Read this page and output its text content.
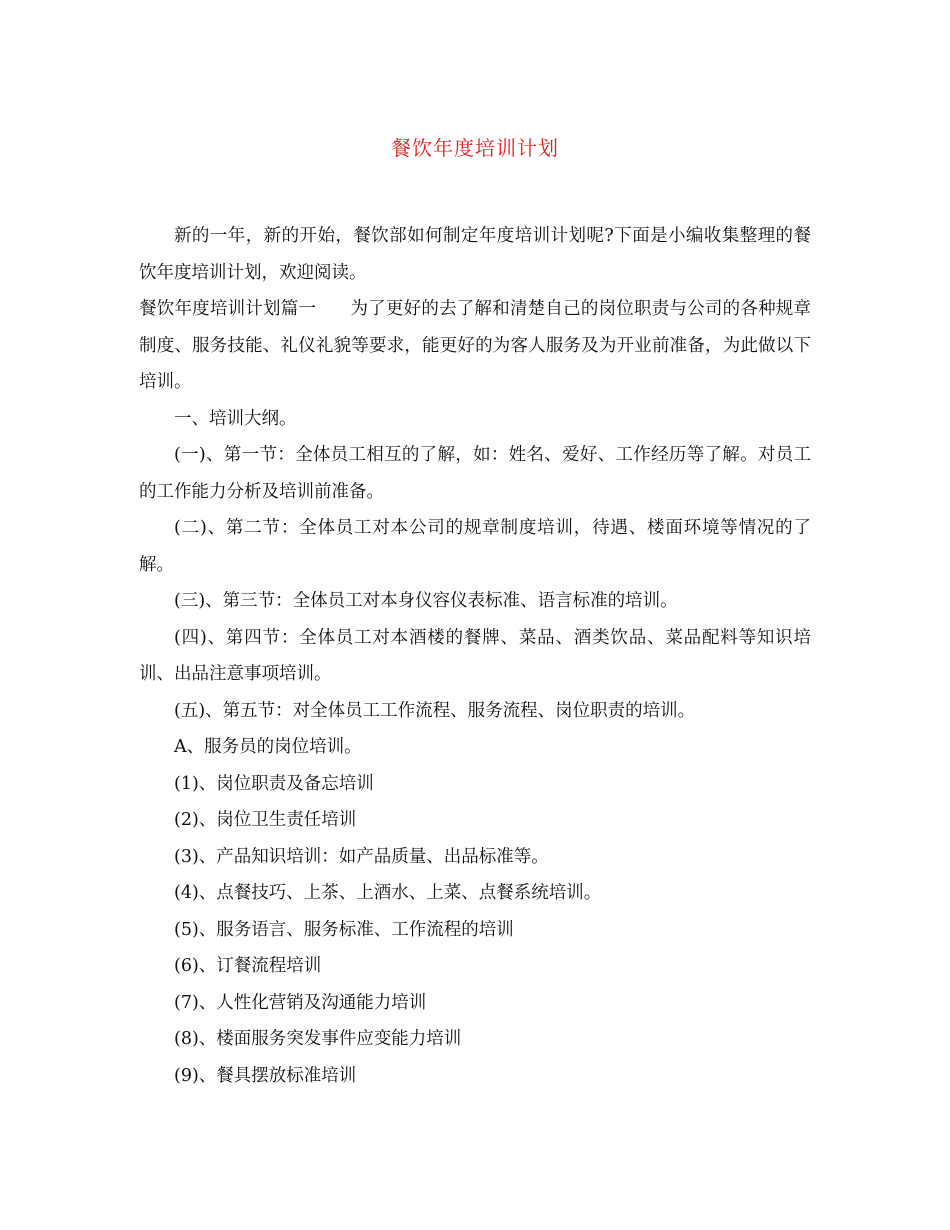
餐饮年度培训计划

新的一年，新的开始，餐饮部如何制定年度培训计划呢?下面是小编收集整理的餐饮年度培训计划，欢迎阅读。

餐饮年度培训计划篇一 为了更好的去了解和清楚自己的岗位职责与公司的各种规章制度、服务技能、礼仪礼貌等要求，能更好的为客人服务及为开业前准备，为此做以下培训。

一、培训大纲。

(一)、第一节：全体员工相互的了解，如：姓名、爱好、工作经历等了解。对员工的工作能力分析及培训前准备。

(二)、第二节：全体员工对本公司的规章制度培训，待遇、楼面环境等情况的了解。

(三)、第三节：全体员工对本身仪容仪表标准、语言标准的培训。

(四)、第四节：全体员工对本酒楼的餐牌、菜品、酒类饮品、菜品配料等知识培训、出品注意事项培训。

(五)、第五节：对全体员工工作流程、服务流程、岗位职责的培训。

A、服务员的岗位培训。

(1)、岗位职责及备忘培训

(2)、岗位卫生责任培训

(3)、产品知识培训：如产品质量、出品标准等。

(4)、点餐技巧、上茶、上酒水、上菜、点餐系统培训。

(5)、服务语言、服务标准、工作流程的培训

(6)、订餐流程培训

(7)、人性化营销及沟通能力培训

(8)、楼面服务突发事件应变能力培训

(9)、餐具摆放标准培训
